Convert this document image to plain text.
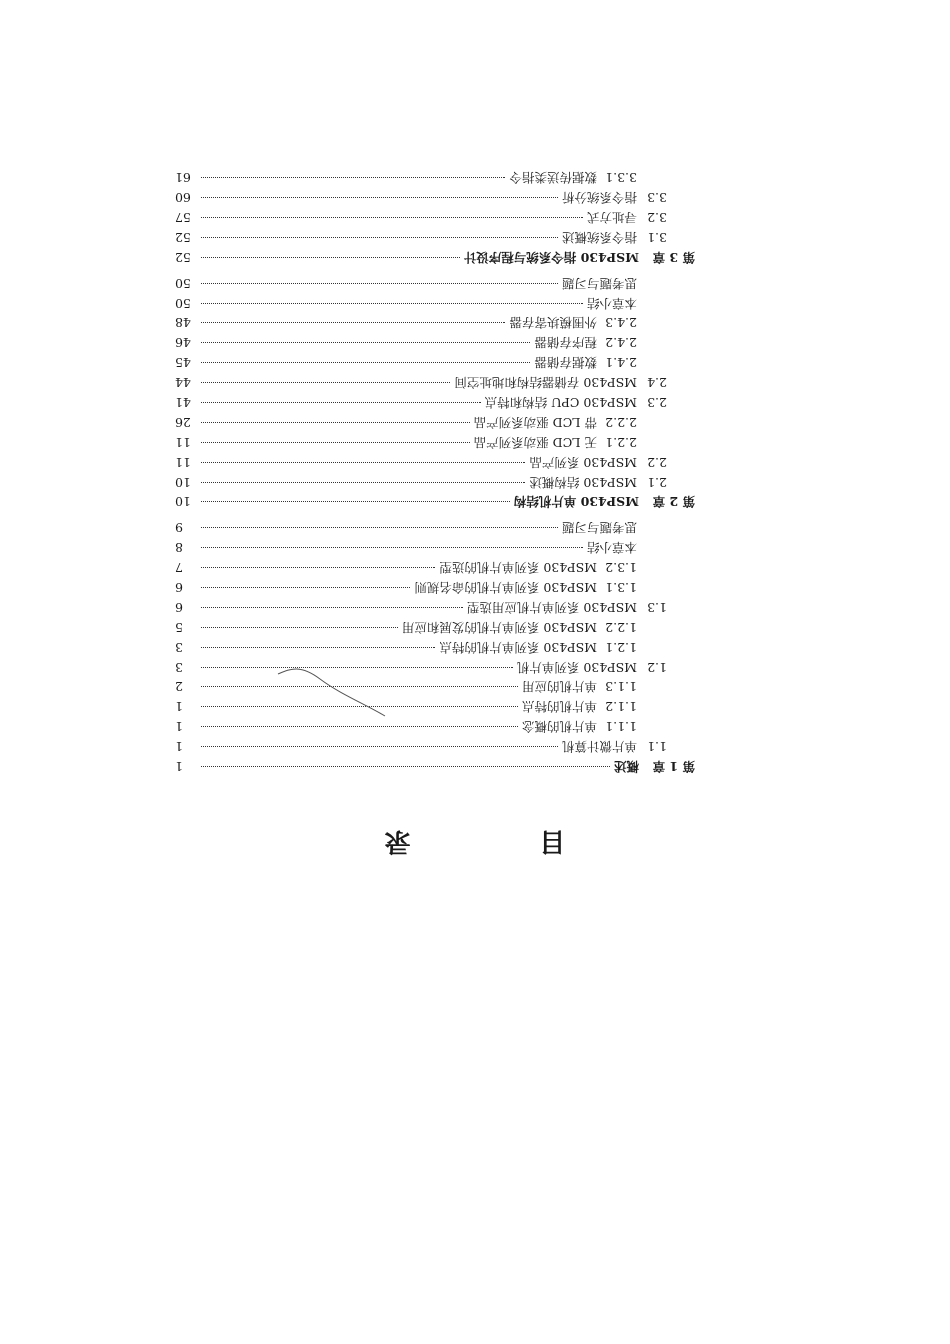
目 录
第 1 章
概述
1
1.1
单片微计算机
1
1.1.1
单片机的概念
1
1.1.2
单片机的特点
1
1.1.3
单片机的应用
2
1.2
MSP430 系列单片机
3
1.2.1
MSP430 系列单片机的特点
3
1.2.2
MSP430 系列单片机的发展和应用
5
1.3
MSP430 系列单片机应用选型
6
1.3.1
MSP430 系列单片机的命名规则
6
1.3.2
MSP430 系列单片机的选型
7
本章小结
8
思考题与习题
9
第 2 章
MSP430 单片机结构
10
2.1
MSP430 结构概述
10
2.2
MSP430 系列产品
11
2.2.1
无 LCD 驱动系列产品
11
2.2.2
带 LCD 驱动系列产品
26
2.3
MSP430 CPU 结构和特点
41
2.4
MSP430 存储器结构和地址空间
44
2.4.1
数据存储器
45
2.4.2
程序存储器
46
2.4.3
外围模块寄存器
48
本章小结
50
思考题与习题
50
第 3 章
MSP430 指令系统与程序设计
52
3.1
指令系统概述
52
3.2
寻址方式
57
3.3
指令系统分析
60
3.3.1
数据传送类指令
61
